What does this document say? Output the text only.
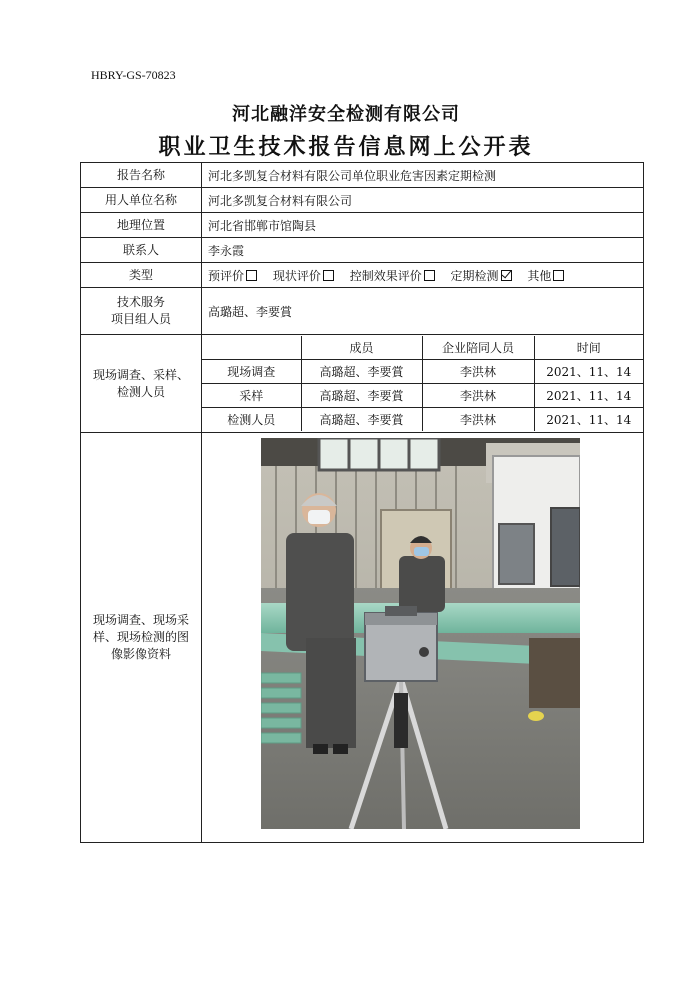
HBRY-GS-70823
河北融洋安全检测有限公司
职业卫生技术报告信息网上公开表
报告名称	河北多凯复合材料有限公司单位职业危害因素定期检测
用人单位名称	河北多凯复合材料有限公司
地理位置	河北省邯郸市馆陶县
联系人	李永霞
类型	预评价 现状评价 控制效果评价 定期检测 其他

技术服务
项目组人员
	高璐超、李要賞

现场调查、采样、
检测人员

	成员	企业陪同人员	时间
现场调查	高璐超、李要賞	李洪林	2021、11、14
采样	高璐超、李要賞	李洪林	2021、11、14
检测人员	高璐超、李要賞	李洪林	2021、11、14

现场调查、现场采
样、现场检测的图
像影像资料
